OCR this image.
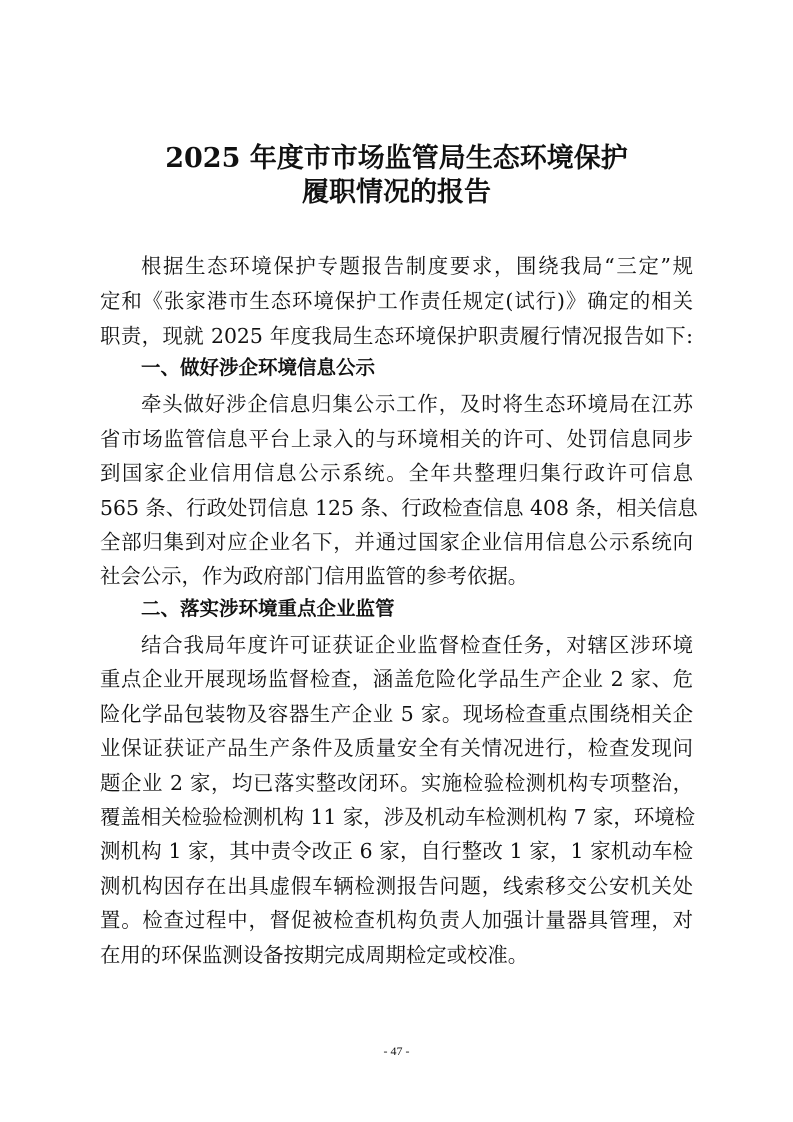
2025 年度市市场监管局生态环境保护
履职情况的报告
根据生态环境保护专题报告制度要求，围绕我局“三定”规
定和《张家港市生态环境保护工作责任规定(试行)》确定的相关
职责，现就 2025 年度我局生态环境保护职责履行情况报告如下:
一、做好涉企环境信息公示
牵头做好涉企信息归集公示工作，及时将生态环境局在江苏
省市场监管信息平台上录入的与环境相关的许可、处罚信息同步
到国家企业信用信息公示系统。全年共整理归集行政许可信息
565 条、行政处罚信息 125 条、行政检查信息 408 条，相关信息
全部归集到对应企业名下，并通过国家企业信用信息公示系统向
社会公示，作为政府部门信用监管的参考依据。
二、落实涉环境重点企业监管
结合我局年度许可证获证企业监督检查任务，对辖区涉环境
重点企业开展现场监督检查，涵盖危险化学品生产企业 2 家、危
险化学品包装物及容器生产企业 5 家。现场检查重点围绕相关企
业保证获证产品生产条件及质量安全有关情况进行，检查发现问
题企业 2 家，均已落实整改闭环。实施检验检测机构专项整治，
覆盖相关检验检测机构 11 家，涉及机动车检测机构 7 家，环境检
测机构 1 家，其中责令改正 6 家，自行整改 1 家，1 家机动车检
测机构因存在出具虚假车辆检测报告问题，线索移交公安机关处
置。检查过程中，督促被检查机构负责人加强计量器具管理，对
在用的环保监测设备按期完成周期检定或校准。
- 47 -
